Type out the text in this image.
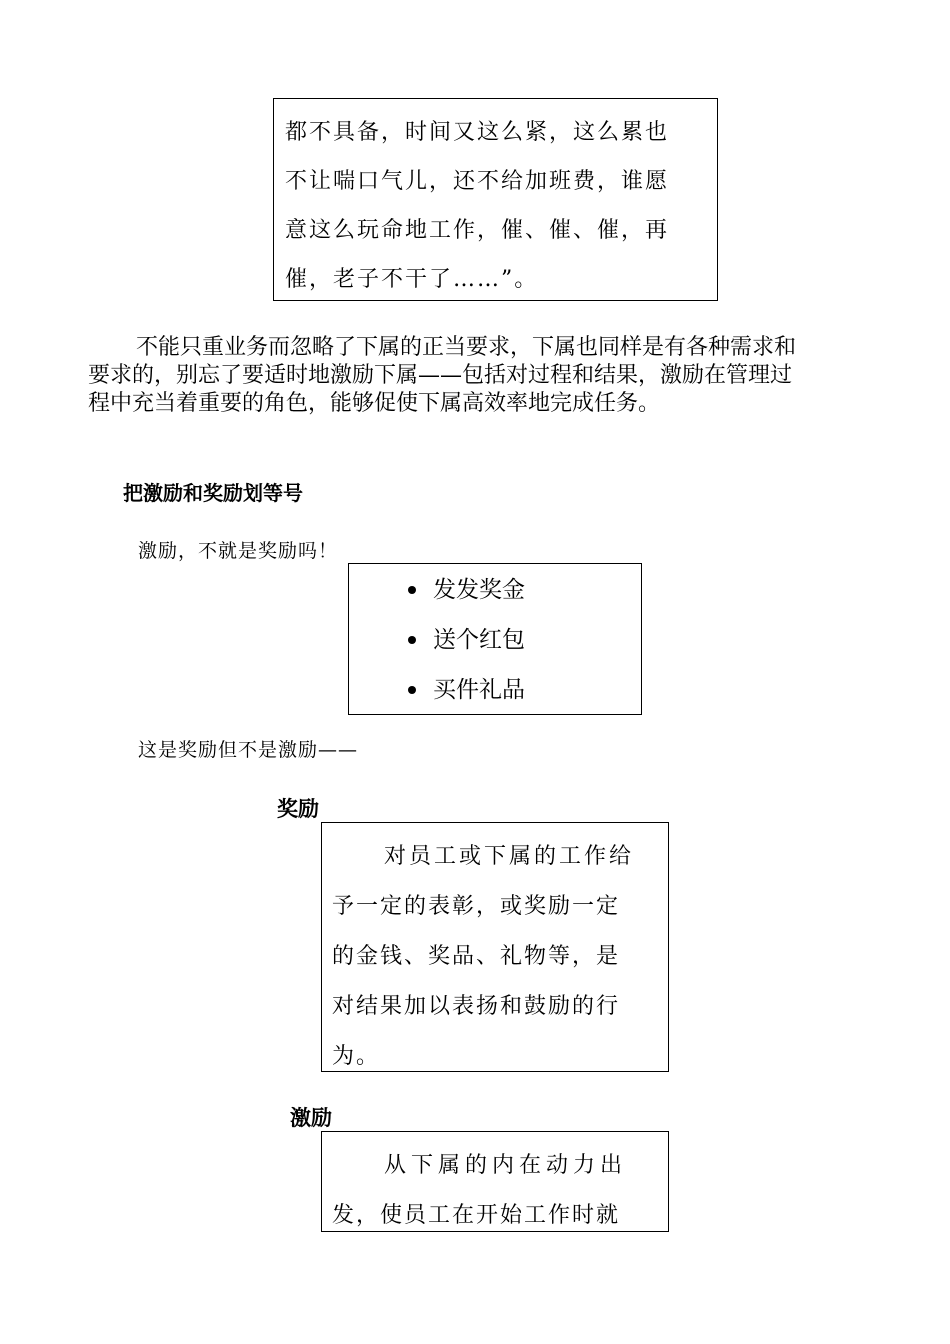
都不具备，时间又这么紧，这么累也
不让喘口气儿，还不给加班费，谁愿
意这么玩命地工作，催、催、催，再
催，老子不干了……”。
不能只重业务而忽略了下属的正当要求，下属也同样是有各种需求和
要求的，别忘了要适时地激励下属——包括对过程和结果，激励在管理过
程中充当着重要的角色，能够促使下属高效率地完成任务。
把激励和奖励划等号
激励，不就是奖励吗！
发发奖金
送个红包
买件礼品
这是奖励但不是激励——
奖励
对员工或下属的工作给
予一定的表彰，或奖励一定
的金钱、奖品、礼物等，是
对结果加以表扬和鼓励的行
为。
激励
从下属的内在动力出
发，使员工在开始工作时就
